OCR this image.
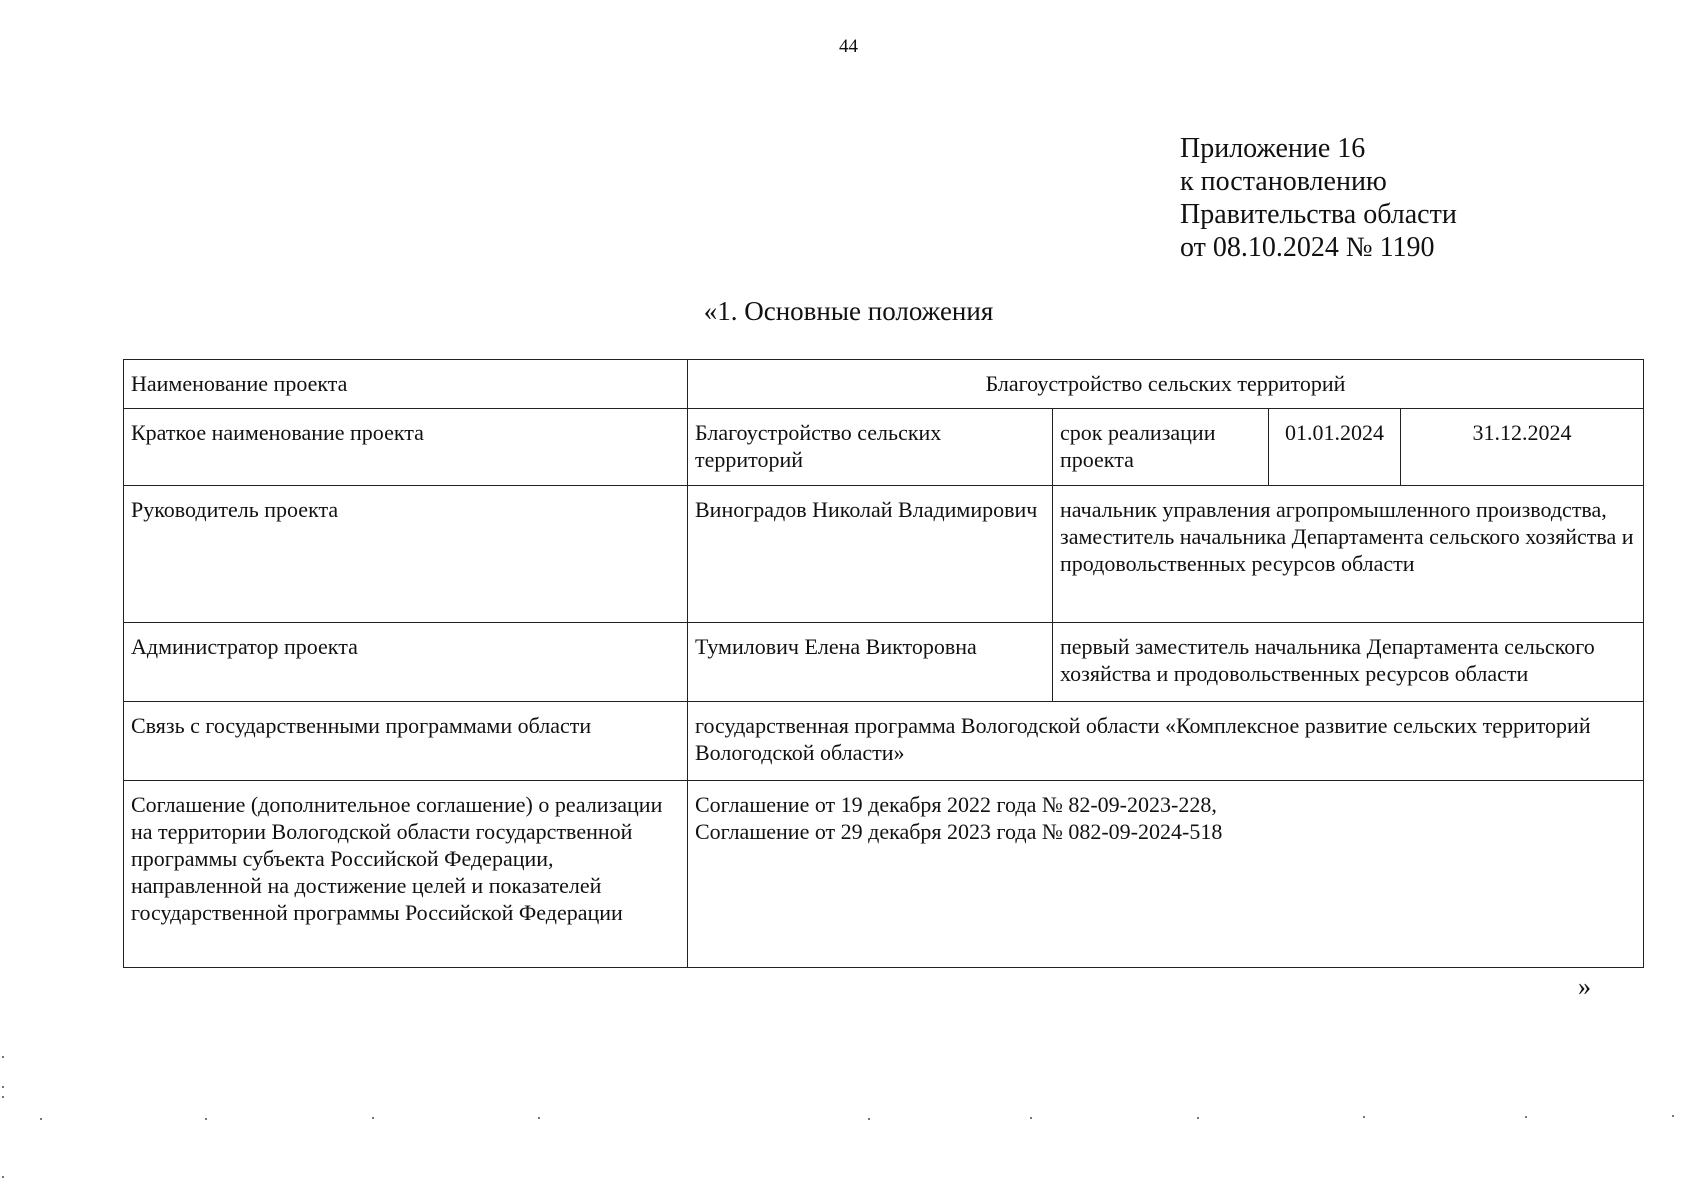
44
Приложение 16
к постановлению
Правительства области
от 08.10.2024 № 1190
«1. Основные положения
Наименование проекта	Благоустройство сельских территорий			
Краткое наименование проекта	Благоустройство сельских территорий	срок реализации проекта	01.01.2024	31.12.2024
Руководитель проекта	Виноградов Николай Владимирович	начальник управления агропромышленного производства, заместитель начальника Департамента сельского хозяйства и продовольственных ресурсов области		
Администратор проекта	Тумилович Елена Викторовна	первый заместитель начальника Департамента сельского хозяйства и продовольственных ресурсов области		
Связь с государственными программами области	государственная программа Вологодской области «Комплексное развитие сельских территорий Вологодской области»			
Соглашение (дополнительное соглашение) о реализации на территории Вологодской области государственной программы субъекта Российской Федерации, направленной на достижение целей и показателей государственной программы Российской Федерации	Соглашение от 19 декабря 2022 года № 82-09-2023-228,
Соглашение от 29 декабря 2023 года № 082-09-2024-518			
»
